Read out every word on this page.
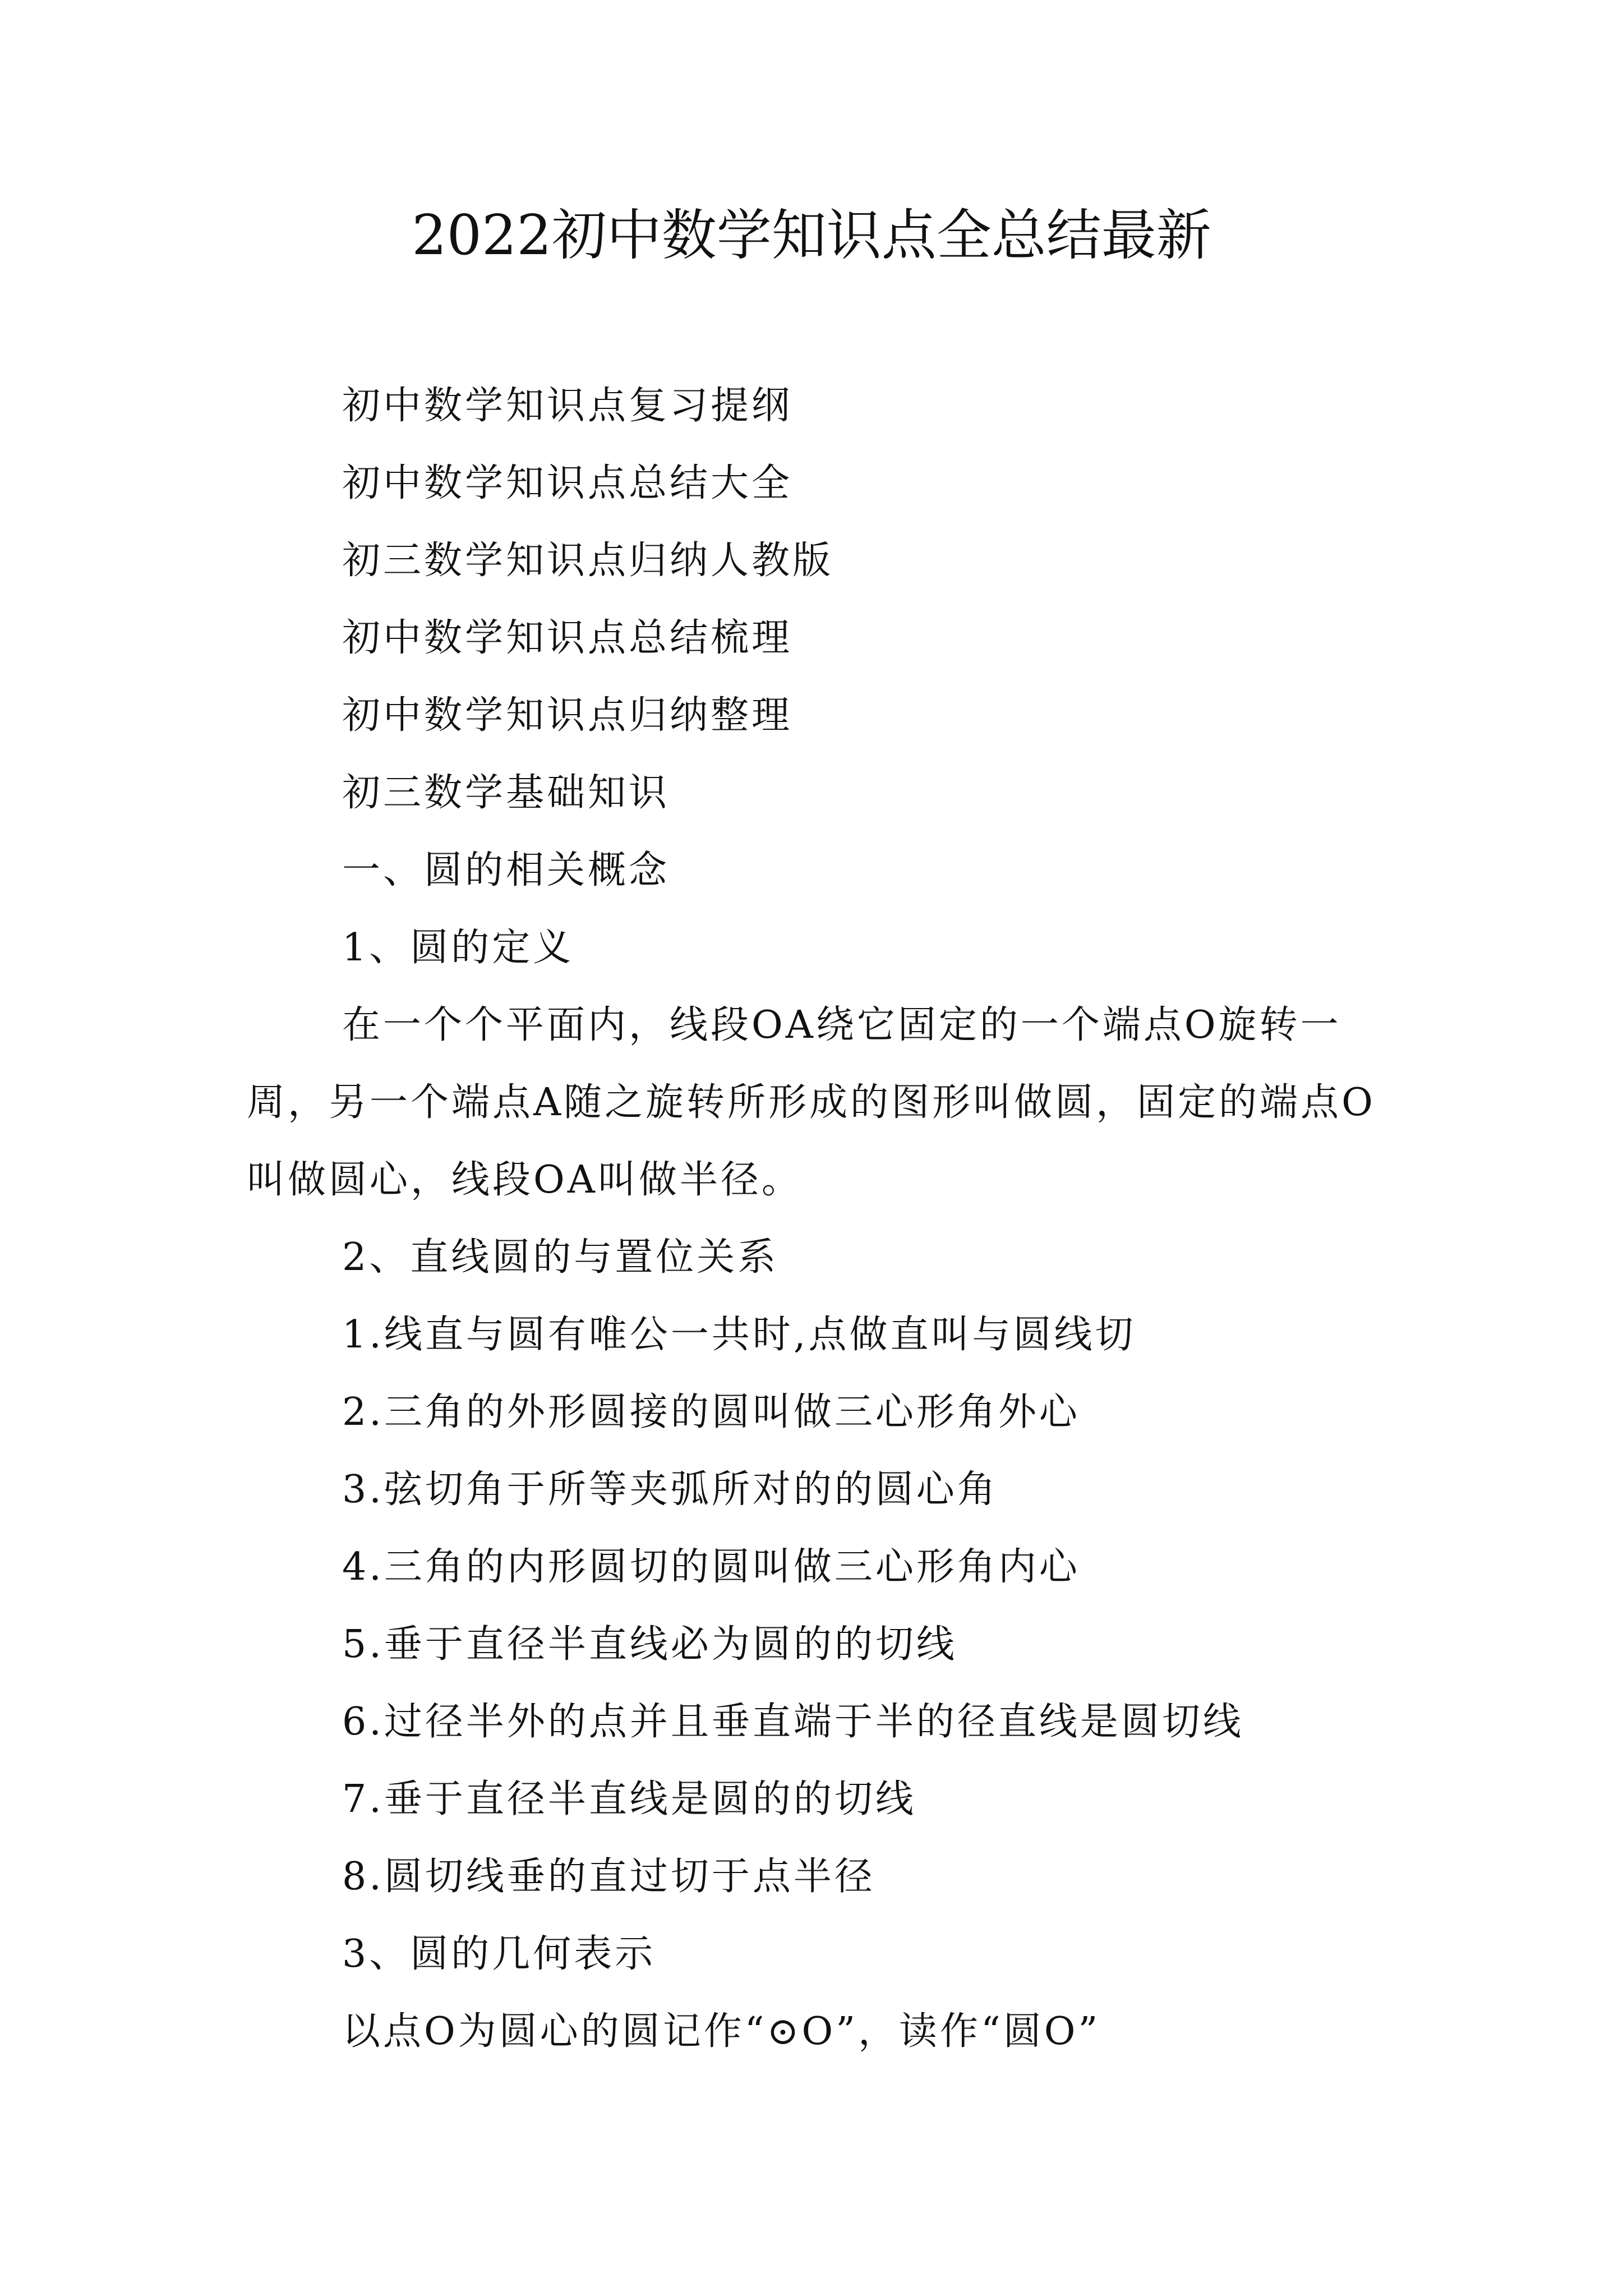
2022初中数学知识点全总结最新

初中数学知识点复习提纲

初中数学知识点总结大全

初三数学知识点归纳人教版

初中数学知识点总结梳理

初中数学知识点归纳整理

初三数学基础知识

一、圆的相关概念

1、圆的定义

在一个个平面内，线段OA绕它固定的一个端点O旋转一周，另一个端点A随之旋转所形成的图形叫做圆，固定的端点O叫做圆心，线段OA叫做半径。

2、直线圆的与置位关系

1.线直与圆有唯公一共时,点做直叫与圆线切

2.三角的外形圆接的圆叫做三心形角外心

3.弦切角于所等夹弧所对的的圆心角

4.三角的内形圆切的圆叫做三心形角内心

5.垂于直径半直线必为圆的的切线

6.过径半外的点并且垂直端于半的径直线是圆切线

7.垂于直径半直线是圆的的切线

8.圆切线垂的直过切于点半径

3、圆的几何表示

以点O为圆心的圆记作“⊙O”，读作“圆O”
